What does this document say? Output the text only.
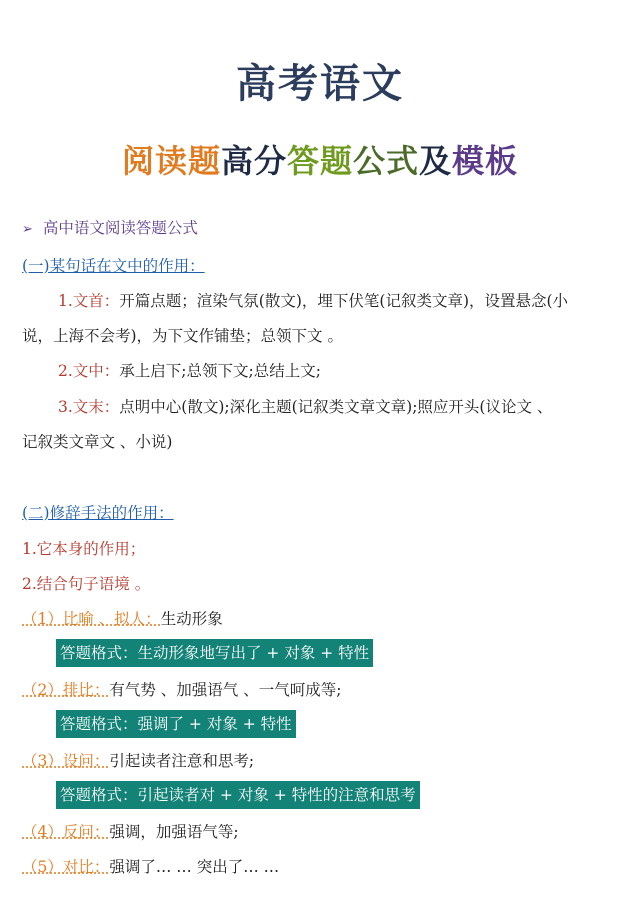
高考语文
阅读题高分答题公式及模板
➢ 高中语文阅读答题公式
(一)某句话在文中的作用：
1.文首：开篇点题；渲染气氛(散文)，埋下伏笔(记叙类文章)，设置悬念(小
说，上海不会考)，为下文作铺垫；总领下文 。
2.文中：承上启下;总领下文;总结上文;
3.文末：点明中心(散文);深化主题(记叙类文章文章);照应开头(议论文 、
记叙类文章文 、小说)
(二)修辞手法的作用：
1.它本身的作用；
2.结合句子语境 。
（1）比喻 、拟人：生动形象
答题格式：生动形象地写出了 + 对象 + 特性
（2）排比：有气势 、加强语气 、一气呵成等;
答题格式：强调了 + 对象 + 特性
（3）设问：引起读者注意和思考;
答题格式：引起读者对 + 对象 + 特性的注意和思考
（4）反问：强调，加强语气等;
（5）对比：强调了… … 突出了… …
